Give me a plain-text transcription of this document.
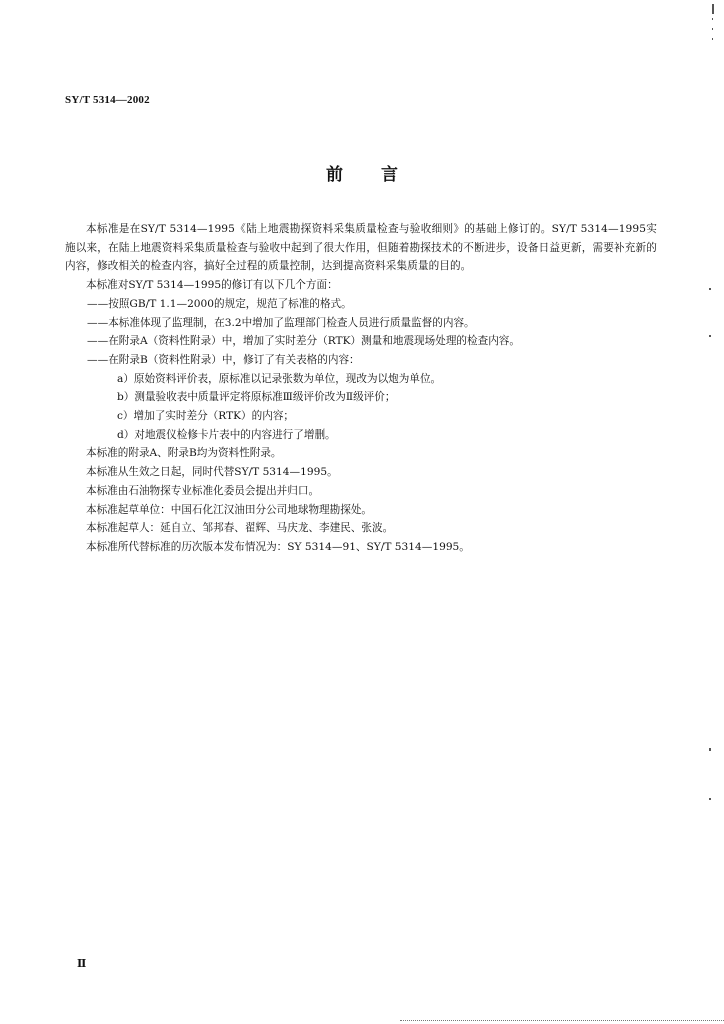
SY/T 5314—2002
前 言

本标准是在SY/T 5314—1995《陆上地震勘探资料采集质量检查与验收细则》的基础上修订的。SY/T 5314—1995实施以来，在陆上地震资料采集质量检查与验收中起到了很大作用，但随着勘探技术的不断进步，设备日益更新，需要补充新的内容，修改相关的检查内容，搞好全过程的质量控制，达到提高资料采集质量的目的。

本标准对SY/T 5314—1995的修订有以下几个方面：

——按照GB/T 1.1—2000的规定，规范了标准的格式。

——本标准体现了监理制，在3.2中增加了监理部门检查人员进行质量监督的内容。

——在附录A（资料性附录）中，增加了实时差分（RTK）测量和地震现场处理的检查内容。

——在附录B（资料性附录）中，修订了有关表格的内容：

a）原始资料评价表，原标准以记录张数为单位，现改为以炮为单位。

b）测量验收表中质量评定将原标准Ⅲ级评价改为Ⅱ级评价；

c）增加了实时差分（RTK）的内容；

d）对地震仪检修卡片表中的内容进行了增删。

本标准的附录A、附录B均为资料性附录。

本标准从生效之日起，同时代替SY/T 5314—1995。

本标准由石油物探专业标准化委员会提出并归口。

本标准起草单位：中国石化江汉油田分公司地球物理勘探处。

本标准起草人：延自立、邹邦春、翟辉、马庆龙、李建民、张波。

本标准所代替标准的历次版本发布情况为：SY 5314—91、SY/T 5314—1995。

Ⅱ
